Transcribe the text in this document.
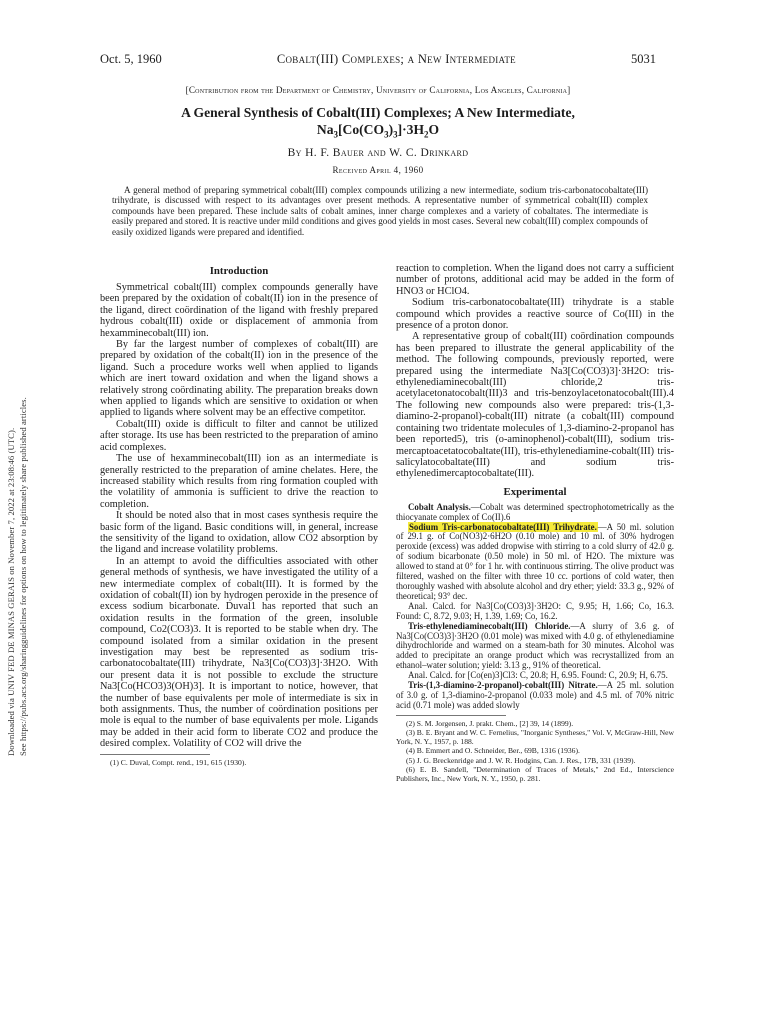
Downloaded via UNIV FED DE MINAS GERAIS on November 7, 2022 at 23:08:46 (UTC). See https://pubs.acs.org/sharingguidelines for options on how to legitimately share published articles.
Oct. 5, 1960	Cobalt(III) Complexes; a New Intermediate	5031
[Contribution from the Department of Chemistry, University of California, Los Angeles, California]
A General Synthesis of Cobalt(III) Complexes; A New Intermediate,
$Na_3[Co(CO_3)_3]\cdot 3H_2O$
By H. F. Bauer and W. C. Drinkard
Received April 4, 1960

A general method of preparing symmetrical cobalt(III) complex compounds utilizing a new intermediate, sodium tris-carbonatocobaltate(III) trihydrate, is discussed with respect to its advantages over present methods. A representative number of symmetrical cobalt(III) complex compounds have been prepared. These include salts of cobalt amines, inner charge complexes and a variety of cobaltates. The intermediate is easily prepared and stored. It is reactive under mild conditions and gives good yields in most cases. Several new cobalt(III) complex compounds of easily oxidized ligands were prepared and identified.

Introduction

Symmetrical cobalt(III) complex compounds generally have been prepared by the oxidation of cobalt(II) ion in the presence of the ligand, direct coördination of the ligand with freshly prepared hydrous cobalt(III) oxide or displacement of ammonia from hexamminecobalt(III) ion.

By far the largest number of complexes of cobalt(III) are prepared by oxidation of the cobalt(II) ion in the presence of the ligand. Such a procedure works well when applied to ligands which are inert toward oxidation and when the ligand shows a relatively strong coördinating ability. The preparation breaks down when applied to ligands which are sensitive to oxidation or when applied to ligands where solvent may be an effective competitor.

Cobalt(III) oxide is difficult to filter and cannot be utilized after storage. Its use has been restricted to the preparation of amino acid complexes.

The use of hexamminecobalt(III) ion as an intermediate is generally restricted to the preparation of amine chelates. Here, the increased stability which results from ring formation coupled with the volatility of ammonia is sufficient to drive the reaction to completion.

It should be noted also that in most cases synthesis require the basic form of the ligand. Basic conditions will, in general, increase the sensitivity of the ligand to oxidation, allow CO2 absorption by the ligand and increase volatility problems.

In an attempt to avoid the difficulties associated with other general methods of synthesis, we have investigated the utility of a new intermediate complex of cobalt(III). It is formed by the oxidation of cobalt(II) ion by hydrogen peroxide in the presence of excess sodium bicarbonate. Duval1 has reported that such an oxidation results in the formation of the green, insoluble compound, Co2(CO3)3. It is reported to be stable when dry. The compound isolated from a similar oxidation in the present investigation may best be represented as sodium tris-carbonatocobaltate(III) trihydrate, Na3[Co(CO3)3]·3H2O. With our present data it is not possible to exclude the structure Na3[Co(HCO3)3(OH)3]. It is important to notice, however, that the number of base equivalents per mole of intermediate is six in both assignments. Thus, the number of coördination positions per mole is equal to the number of base equivalents per mole. Ligands may be added in their acid form to liberate CO2 and produce the desired complex. Volatility of CO2 will drive the

(1) C. Duval, Compt. rend., 191, 615 (1930).

reaction to completion. When the ligand does not carry a sufficient number of protons, additional acid may be added in the form of HNO3 or HClO4.

Sodium tris-carbonatocobaltate(III) trihydrate is a stable compound which provides a reactive source of Co(III) in the presence of a proton donor.

A representative group of cobalt(III) coördination compounds has been prepared to illustrate the general applicability of the method. The following compounds, previously reported, were prepared using the intermediate Na3[Co(CO3)3]·3H2O: tris-ethylenediaminecobalt(III) chloride,2 tris-acetylacetonatocobalt(III)3 and tris-benzoylacetonatocobalt(III).4 The following new compounds also were prepared: tris-(1,3-diamino-2-propanol)-cobalt(III) nitrate (a cobalt(III) compound containing two tridentate molecules of 1,3-diamino-2-propanol has been reported5), tris (o-aminophenol)-cobalt(III), sodium tris-mercaptoacetatocobaltate(III), tris-ethylenediamine-cobalt(III) tris-salicylatocobaltate(III) and sodium tris-ethylenedimercaptocobaltate(III).

Experimental

Cobalt Analysis.—Cobalt was determined spectrophotometrically as the thiocyanate complex of Co(II).6

Sodium Tris-carbonatocobaltate(III) Trihydrate.—A 50 ml. solution of 29.1 g. of Co(NO3)2·6H2O (0.10 mole) and 10 ml. of 30% hydrogen peroxide (excess) was added dropwise with stirring to a cold slurry of 42.0 g. of sodium bicarbonate (0.50 mole) in 50 ml. of H2O. The mixture was allowed to stand at 0° for 1 hr. with continuous stirring. The olive product was filtered, washed on the filter with three 10 cc. portions of cold water, then thoroughly washed with absolute alcohol and dry ether; yield: 33.3 g., 92% of theoretical; 93° dec.

Anal. Calcd. for Na3[Co(CO3)3]·3H2O: C, 9.95; H, 1.66; Co, 16.3. Found: C, 8.72, 9.03; H, 1.39, 1.69; Co, 16.2.

Tris-ethylenediaminecobalt(III) Chloride.—A slurry of 3.6 g. of Na3[Co(CO3)3]·3H2O (0.01 mole) was mixed with 4.0 g. of ethylenediamine dihydrochloride and warmed on a steam-bath for 30 minutes. Alcohol was added to precipitate an orange product which was recrystallized from an ethanol–water solution; yield: 3.13 g., 91% of theoretical.

Anal. Calcd. for [Co(en)3]Cl3: C, 20.8; H, 6.95. Found: C, 20.9; H, 6.75.

Tris-(1,3-diamino-2-propanol)-cobalt(III) Nitrate.—A 25 ml. solution of 3.0 g. of 1,3-diamino-2-propanol (0.033 mole) and 4.5 ml. of 70% nitric acid (0.71 mole) was added slowly

(2) S. M. Jorgensen, J. prakt. Chem., [2] 39, 14 (1899).

(3) B. E. Bryant and W. C. Fernelius, "Inorganic Syntheses," Vol. V, McGraw-Hill, New York, N. Y., 1957, p. 188.

(4) B. Emmert and O. Schneider, Ber., 69B, 1316 (1936).

(5) J. G. Breckenridge and J. W. R. Hodgins, Can. J. Res., 17B, 331 (1939).

(6) E. B. Sandell, "Determination of Traces of Metals," 2nd Ed., Interscience Publishers, Inc., New York, N. Y., 1950, p. 281.
